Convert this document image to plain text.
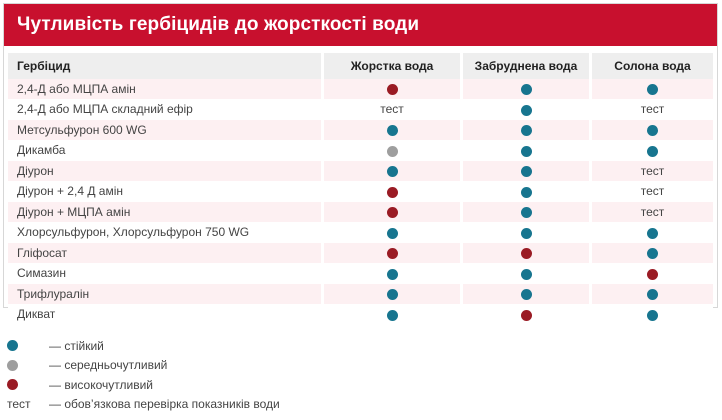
Чутливість гербіцидів до жорсткості води
Гербіцид	Жорстка вода	Забруднена вода	Солона вода
2,4-Д або МЦПА амін			
2,4-Д або МЦПА складний ефір	тест		тест
Метсульфурон 600 WG			
Дикамба			
Діурон			тест
Діурон + 2,4 Д амін			тест
Діурон + МЦПА амін			тест
Хлорсульфурон, Хлорсульфурон 750 WG			
Гліфосат			
Симазин			
Трифлуралін			
Дикват			
— стійкий
— середньочутливий
— високочутливий
тест	— обов’язкова перевірка показників води
